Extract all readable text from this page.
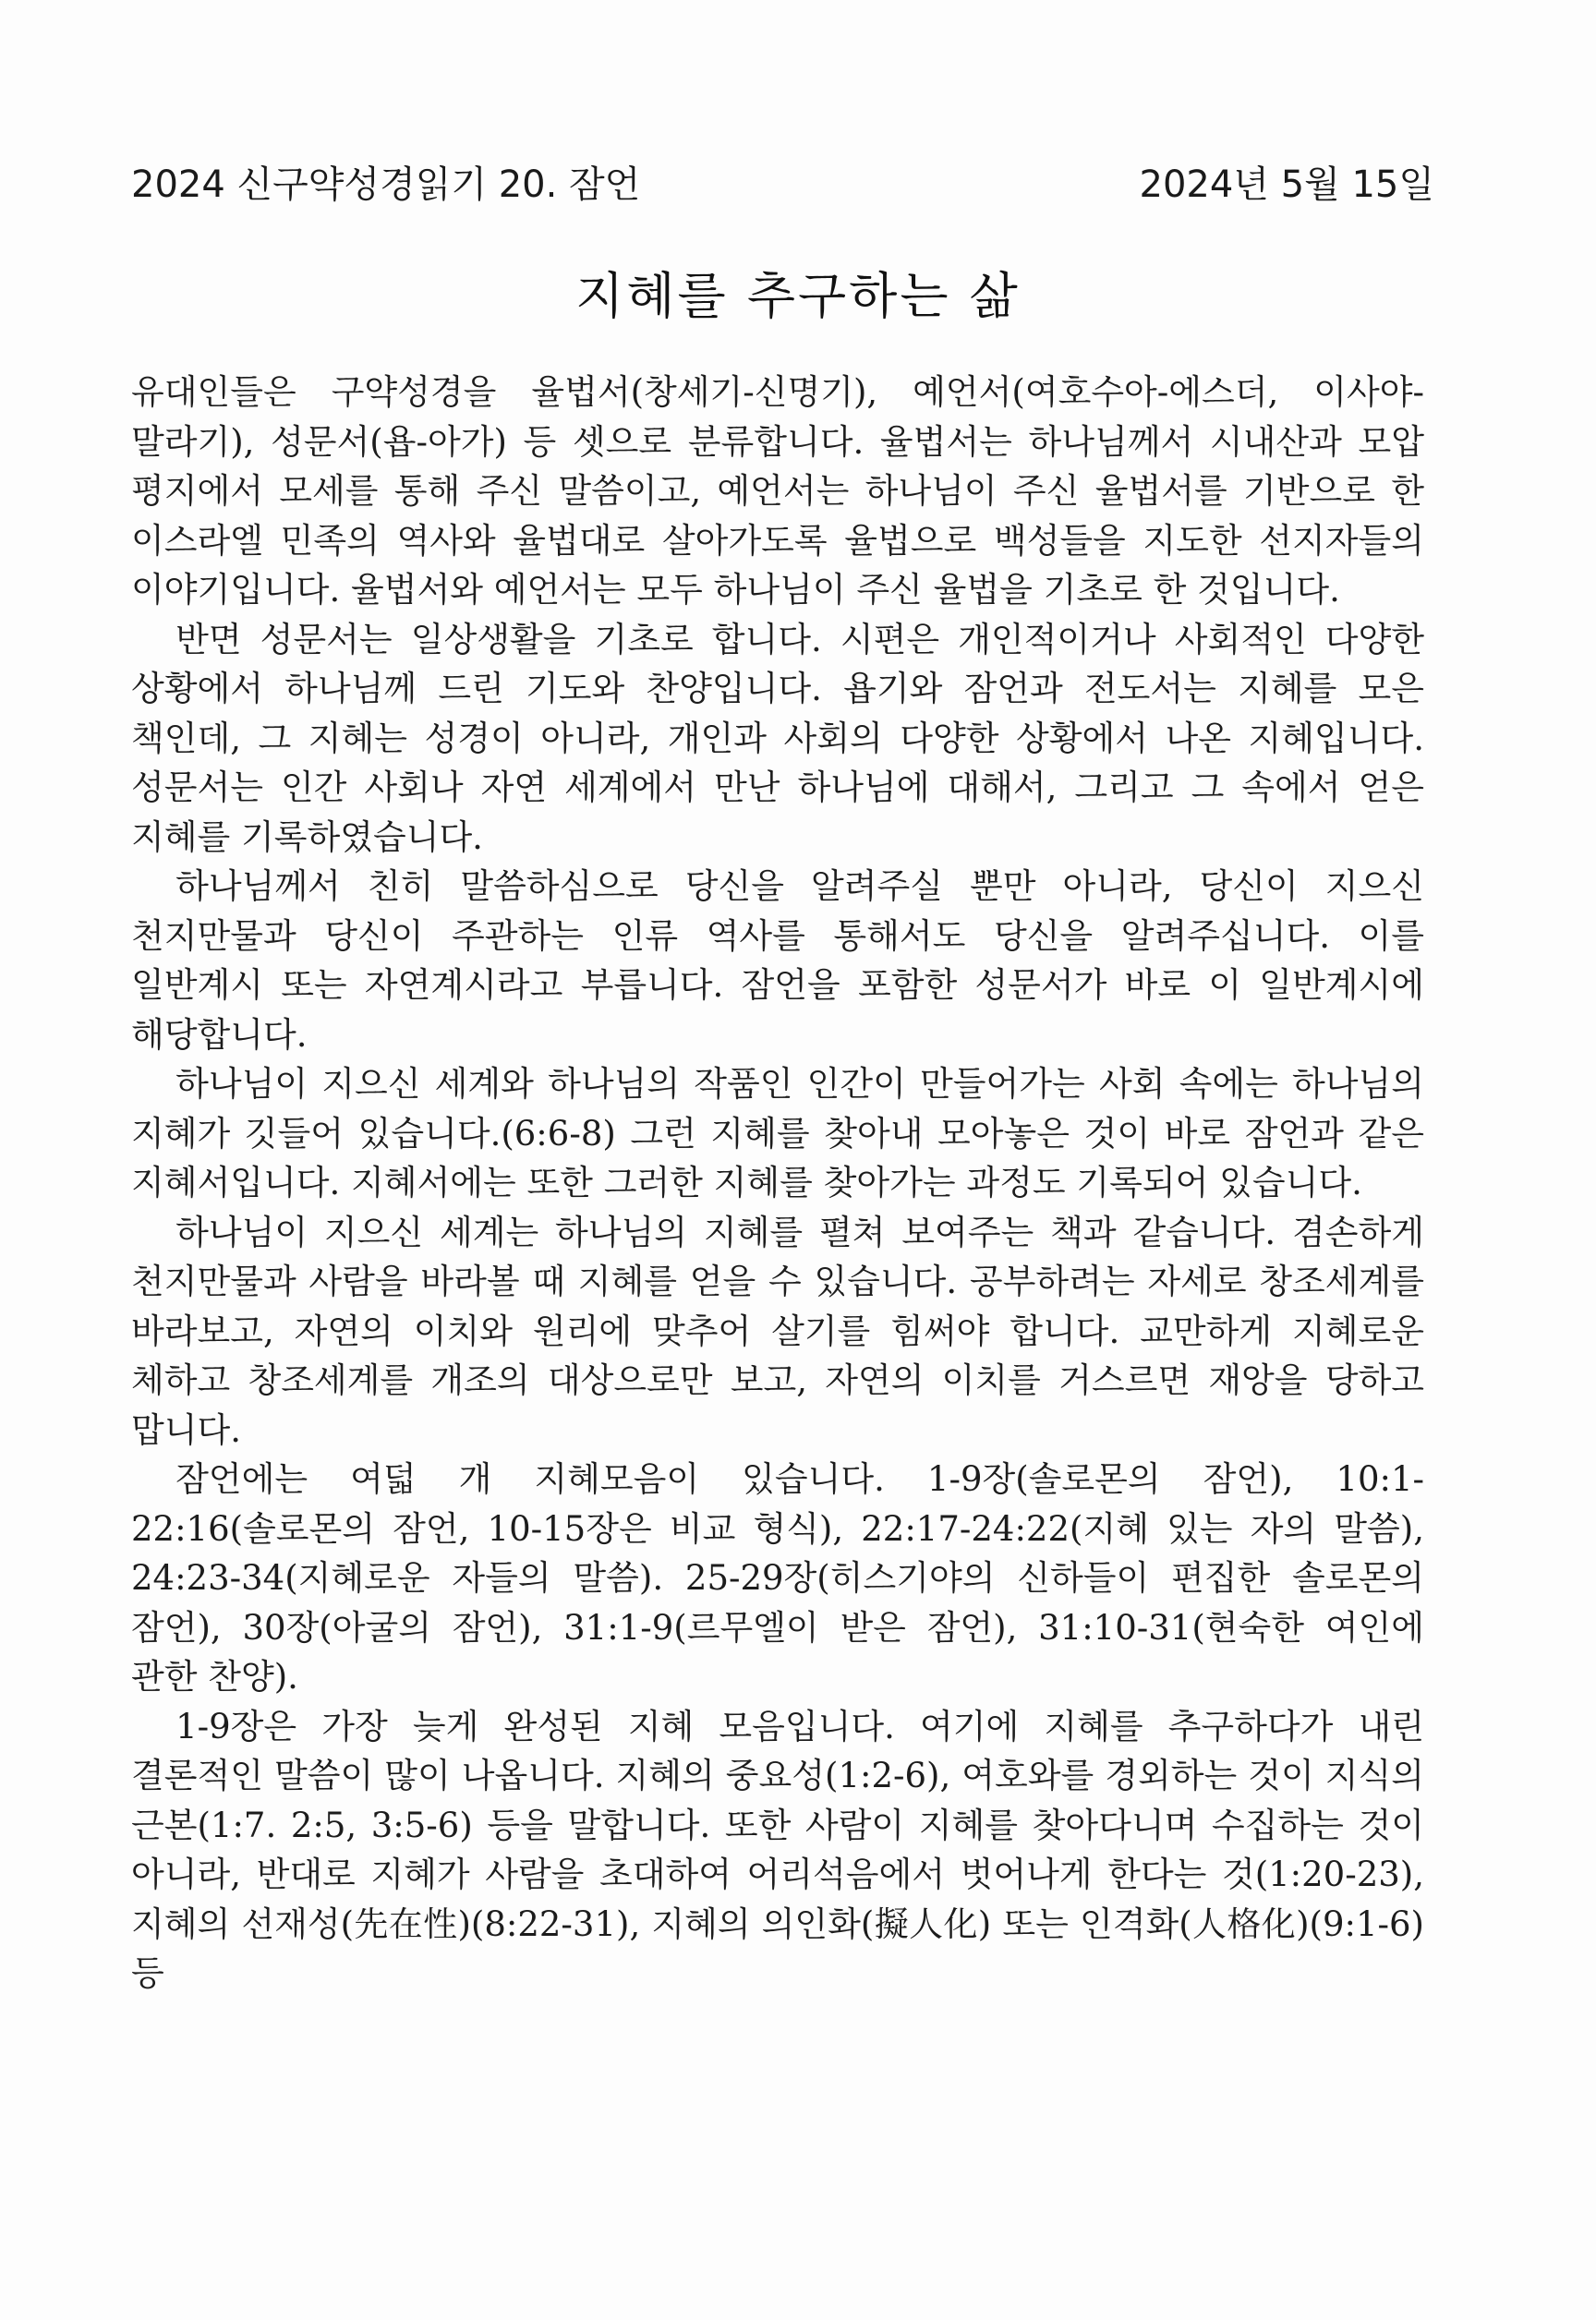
2024 신구약성경읽기 20. 잠언	2024년 5월 15일
지혜를 추구하는 삶

유대인들은 구약성경을 율법서(창세기-신명기), 예언서(여호수아-에스더, 이사야-말라기), 성문서(욥-아가) 등 셋으로 분류합니다. 율법서는 하나님께서 시내산과 모압 평지에서 모세를 통해 주신 말씀이고, 예언서는 하나님이 주신 율법서를 기반으로 한 이스라엘 민족의 역사와 율법대로 살아가도록 율법으로 백성들을 지도한 선지자들의 이야기입니다. 율법서와 예언서는 모두 하나님이 주신 율법을 기초로 한 것입니다.

반면 성문서는 일상생활을 기초로 합니다. 시편은 개인적이거나 사회적인 다양한 상황에서 하나님께 드린 기도와 찬양입니다. 욥기와 잠언과 전도서는 지혜를 모은 책인데, 그 지혜는 성경이 아니라, 개인과 사회의 다양한 상황에서 나온 지혜입니다. 성문서는 인간 사회나 자연 세계에서 만난 하나님에 대해서, 그리고 그 속에서 얻은 지혜를 기록하였습니다.

하나님께서 친히 말씀하심으로 당신을 알려주실 뿐만 아니라, 당신이 지으신 천지만물과 당신이 주관하는 인류 역사를 통해서도 당신을 알려주십니다. 이를 일반계시 또는 자연계시라고 부릅니다. 잠언을 포함한 성문서가 바로 이 일반계시에 해당합니다.

하나님이 지으신 세계와 하나님의 작품인 인간이 만들어가는 사회 속에는 하나님의 지혜가 깃들어 있습니다.(6:6-8) 그런 지혜를 찾아내 모아놓은 것이 바로 잠언과 같은 지혜서입니다. 지혜서에는 또한 그러한 지혜를 찾아가는 과정도 기록되어 있습니다.

하나님이 지으신 세계는 하나님의 지혜를 펼쳐 보여주는 책과 같습니다. 겸손하게 천지만물과 사람을 바라볼 때 지혜를 얻을 수 있습니다. 공부하려는 자세로 창조세계를 바라보고, 자연의 이치와 원리에 맞추어 살기를 힘써야 합니다. 교만하게 지혜로운 체하고 창조세계를 개조의 대상으로만 보고, 자연의 이치를 거스르면 재앙을 당하고 맙니다.

잠언에는 여덟 개 지혜모음이 있습니다. 1-9장(솔로몬의 잠언), 10:1-22:16(솔로몬의 잠언, 10-15장은 비교 형식), 22:17-24:22(지혜 있는 자의 말씀), 24:23-34(지혜로운 자들의 말씀). 25-29장(히스기야의 신하들이 편집한 솔로몬의 잠언), 30장(아굴의 잠언), 31:1-9(르무엘이 받은 잠언), 31:10-31(현숙한 여인에 관한 찬양).

1-9장은 가장 늦게 완성된 지혜 모음입니다. 여기에 지혜를 추구하다가 내린 결론적인 말씀이 많이 나옵니다. 지혜의 중요성(1:2-6), 여호와를 경외하는 것이 지식의 근본(1:7. 2:5, 3:5-6) 등을 말합니다. 또한 사람이 지혜를 찾아다니며 수집하는 것이 아니라, 반대로 지혜가 사람을 초대하여 어리석음에서 벗어나게 한다는 것(1:20-23), 지혜의 선재성(先在性)(8:22-31), 지혜의 의인화(擬人化) 또는 인격화(人格化)(9:1-6) 등
